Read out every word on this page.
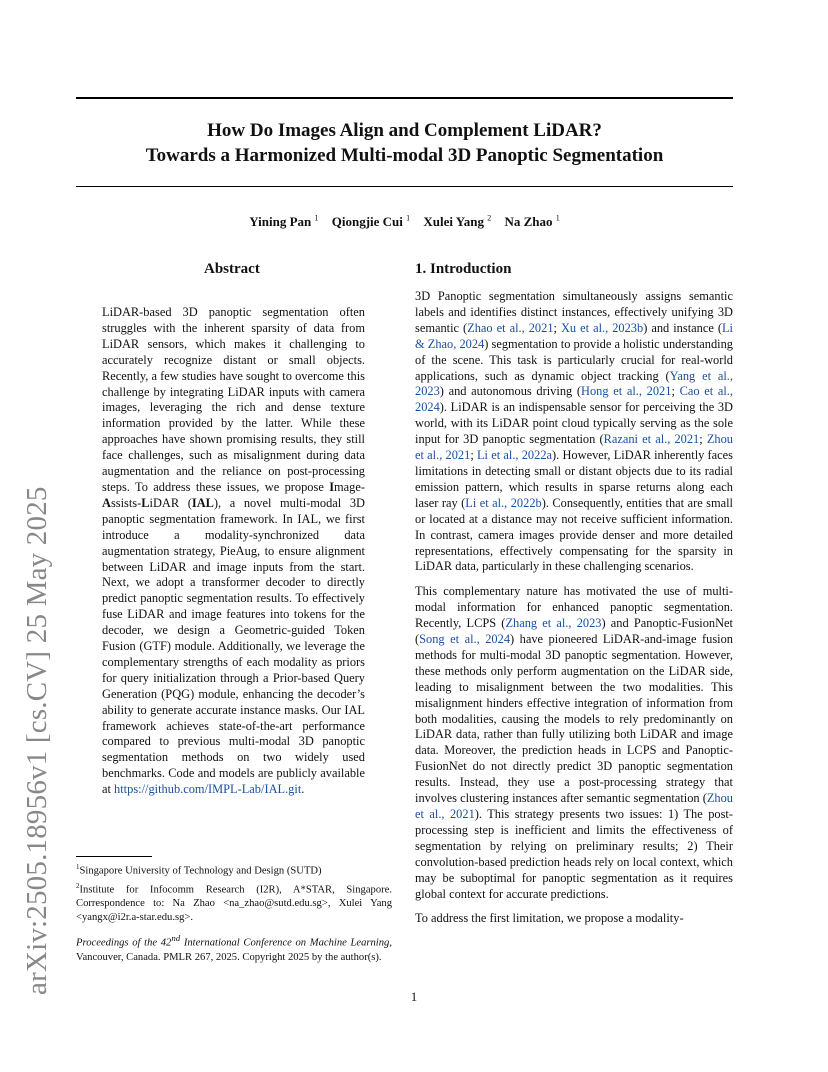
How Do Images Align and Complement LiDAR?
Towards a Harmonized Multi-modal 3D Panoptic Segmentation
Yining Pan $^1$ Qiongjie Cui $^1$ Xulei Yang $^2$ Na Zhao $^1$
arXiv:2505.18956v1 [cs.CV] 25 May 2025
Abstract
LiDAR-based 3D panoptic segmentation often struggles with the inherent sparsity of data from LiDAR sensors, which makes it challenging to accurately recognize distant or small objects. Recently, a few studies have sought to overcome this challenge by integrating LiDAR inputs with camera images, leveraging the rich and dense texture information provided by the latter. While these approaches have shown promising results, they still face challenges, such as misalignment during data augmentation and the reliance on post-processing steps. To address these issues, we propose Image-Assists-LiDAR (IAL), a novel multi-modal 3D panoptic segmentation framework. In IAL, we first introduce a modality-synchronized data augmentation strategy, PieAug, to ensure alignment between LiDAR and image inputs from the start. Next, we adopt a transformer decoder to directly predict panoptic segmentation results. To effectively fuse LiDAR and image features into tokens for the decoder, we design a Geometric-guided Token Fusion (GTF) module. Additionally, we leverage the complementary strengths of each modality as priors for query initialization through a Prior-based Query Generation (PQG) module, enhancing the decoder’s ability to generate accurate instance masks. Our IAL framework achieves state-of-the-art performance compared to previous multi-modal 3D panoptic segmentation methods on two widely used benchmarks. Code and models are publicly available at https://github.com/IMPL-Lab/IAL.git.

$^1$Singapore University of Technology and Design (SUTD)

$^2$Institute for Infocomm Research (I2R), A*STAR, Singapore. Correspondence to: Na Zhao <na_zhao@sutd.edu.sg>, Xulei Yang <yangx@i2r.a-star.edu.sg>.

Proceedings of the 42nd International Conference on Machine Learning, Vancouver, Canada. PMLR 267, 2025. Copyright 2025 by the author(s).
1. Introduction

3D Panoptic segmentation simultaneously assigns semantic labels and identifies distinct instances, effectively unifying 3D semantic (Zhao et al., 2021; Xu et al., 2023b) and instance (Li & Zhao, 2024) segmentation to provide a holistic understanding of the scene. This task is particularly crucial for real-world applications, such as dynamic object tracking (Yang et al., 2023) and autonomous driving (Hong et al., 2021; Cao et al., 2024). LiDAR is an indispensable sensor for perceiving the 3D world, with its LiDAR point cloud typically serving as the sole input for 3D panoptic segmentation (Razani et al., 2021; Zhou et al., 2021; Li et al., 2022a). However, LiDAR inherently faces limitations in detecting small or distant objects due to its radial emission pattern, which results in sparse returns along each laser ray (Li et al., 2022b). Consequently, entities that are small or located at a distance may not receive sufficient information. In contrast, camera images provide denser and more detailed representations, effectively compensating for the sparsity in LiDAR data, particularly in these challenging scenarios.

This complementary nature has motivated the use of multi-modal information for enhanced panoptic segmentation. Recently, LCPS (Zhang et al., 2023) and Panoptic-FusionNet (Song et al., 2024) have pioneered LiDAR-and-image fusion methods for multi-modal 3D panoptic segmentation. However, these methods only perform augmentation on the LiDAR side, leading to misalignment between the two modalities. This misalignment hinders effective integration of information from both modalities, causing the models to rely predominantly on LiDAR data, rather than fully utilizing both LiDAR and image data. Moreover, the prediction heads in LCPS and Panoptic-FusionNet do not directly predict 3D panoptic segmentation results. Instead, they use a post-processing strategy that involves clustering instances after semantic segmentation (Zhou et al., 2021). This strategy presents two issues: 1) The post-processing step is inefficient and limits the effectiveness of segmentation by relying on preliminary results; 2) Their convolution-based prediction heads rely on local context, which may be suboptimal for panoptic segmentation as it requires global context for accurate predictions.

To address the first limitation, we propose a modality-

1
